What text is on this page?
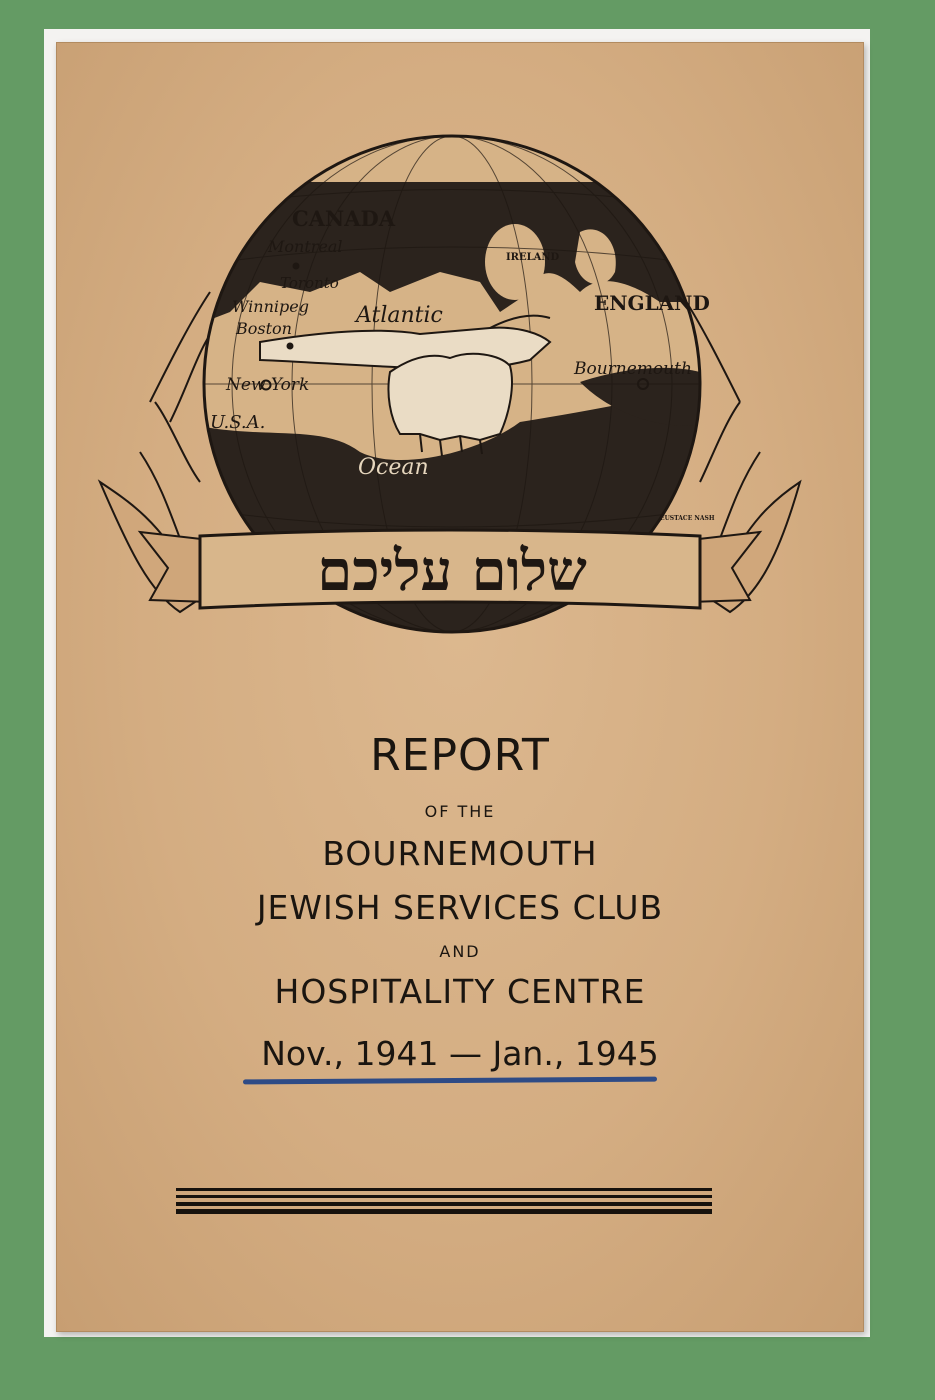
CANADA
Montreal
Toronto
Winnipeg
Boston
New York
U.S.A.
Atlantic
Ocean
IRELAND
ENGLAND
Bournemouth
EUSTACE NASH
שלום עליכם
REPORT
OF THE
BOURNEMOUTH
JEWISH SERVICES CLUB
AND
HOSPITALITY CENTRE
Nov., 1941 — Jan., 1945
